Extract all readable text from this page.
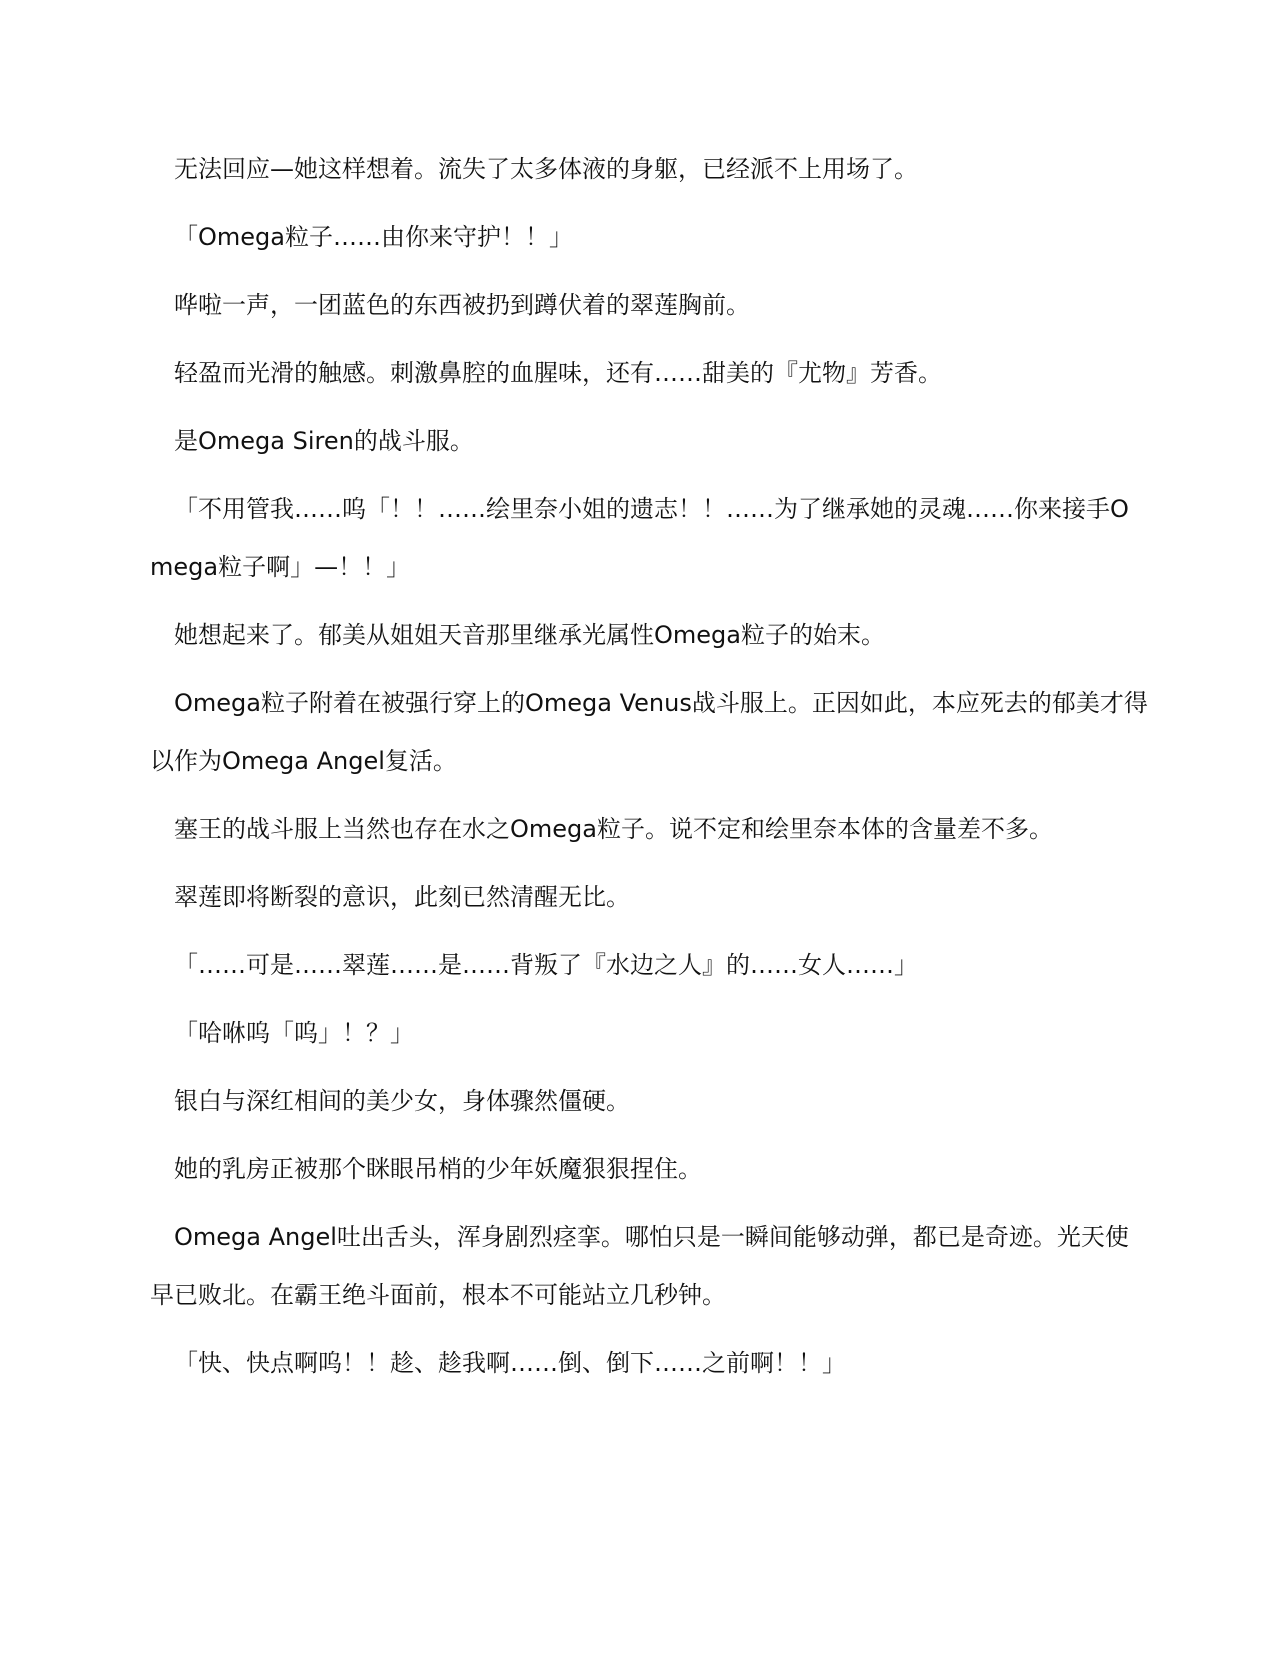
无法回应—她这样想着。流失了太多体液的身躯，已经派不上用场了。

「Omega粒子……由你来守护！！」

哗啦一声，一团蓝色的东西被扔到蹲伏着的翠莲胸前。

轻盈而光滑的触感。刺激鼻腔的血腥味，还有……甜美的『尤物』芳香。

是Omega Siren的战斗服。

「不用管我……呜「！！……绘里奈小姐的遗志！！……为了继承她的灵魂……你来接手Omega粒子啊」—！！」

她想起来了。郁美从姐姐天音那里继承光属性Omega粒子的始末。

Omega粒子附着在被强行穿上的Omega Venus战斗服上。正因如此，本应死去的郁美才得以作为Omega Angel复活。

塞王的战斗服上当然也存在水之Omega粒子。说不定和绘里奈本体的含量差不多。

翠莲即将断裂的意识，此刻已然清醒无比。

「……可是……翠莲……是……背叛了『水边之人』的……女人……」

「哈咻呜「呜」！？」

银白与深红相间的美少女，身体骤然僵硬。

她的乳房正被那个眯眼吊梢的少年妖魔狠狠捏住。

Omega Angel吐出舌头，浑身剧烈痉挛。哪怕只是一瞬间能够动弹，都已是奇迹。光天使早已败北。在霸王绝斗面前，根本不可能站立几秒钟。

「快、快点啊呜！！趁、趁我啊……倒、倒下……之前啊！！」
